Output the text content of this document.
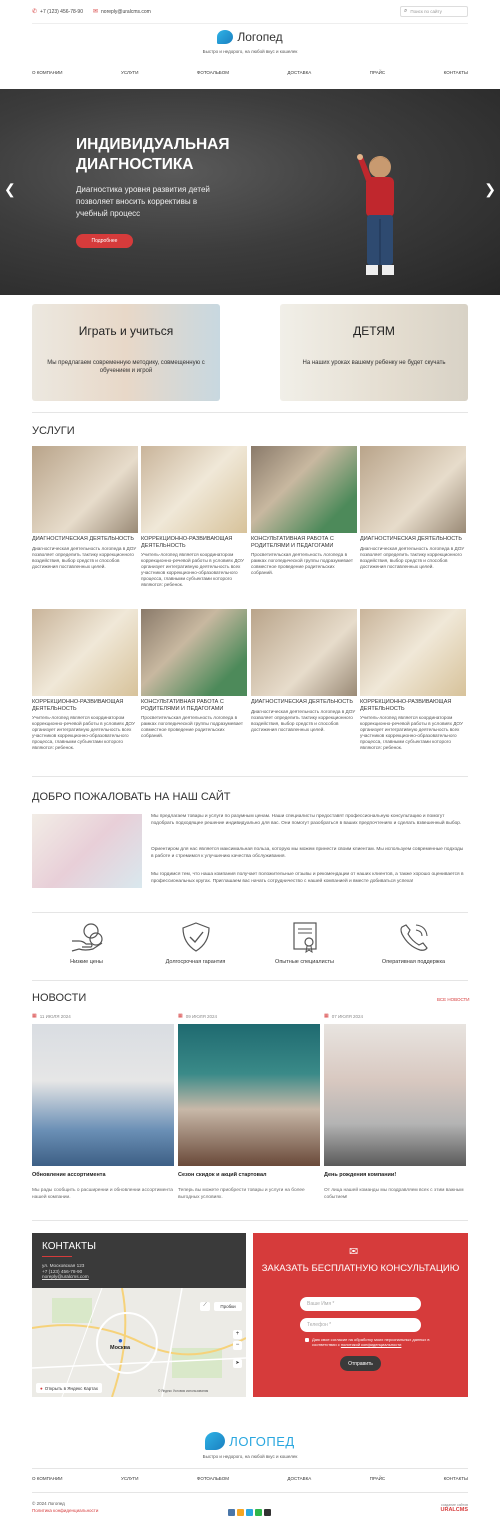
✆ +7 (123) 456-78-90 ✉ noreply@uralcms.com	⌕ Поиск по сайту
Логопед
Быстро и недорого, на любой вкус и кошелек
О КОМПАНИИ	УСЛУГИ	ФОТОАЛЬБОМ	ДОСТАВКА	ПРАЙС	КОНТАКТЫ
ИНДИВИДУАЛЬНАЯ ДИАГНОСТИКА
Диагностика уровня развития детей позволяет вносить коррективы в учебный процесс
Подробнее
❮	❯
Играть и учиться
Мы предлагаем современную методику, совмещенную с обучением и игрой
ДЕТЯМ
На наших уроках вашему ребенку не будет скучать
УСЛУГИ
ДИАГНОСТИЧЕСКАЯ ДЕЯТЕЛЬНОСТЬ
Диагностическая деятельность логопеда в ДОУ позволяет определить тактику коррекционного воздействия, выбор средств и способов достижения поставленных целей.
КОРРЕКЦИОННО-РАЗВИВАЮЩАЯ ДЕЯТЕЛЬНОСТЬ
Учитель-логопед является координатором коррекционно-речевой работы в условиях ДОУ организует интегративную деятельность всех участников коррекционно-образовательного процесса, главными субъектами которого являются: ребенок.
КОНСУЛЬТАТИВНАЯ РАБОТА С РОДИТЕЛЯМИ И ПЕДАГОГАМИ
Просветительская деятельность логопеда в рамках логопедической группы подразумевает совместное проведение родительских собраний.
ДИАГНОСТИЧЕСКАЯ ДЕЯТЕЛЬНОСТЬ
Диагностическая деятельность логопеда в ДОУ позволяет определить тактику коррекционного воздействия, выбор средств и способов достижения поставленных целей.
КОРРЕКЦИОННО-РАЗВИВАЮЩАЯ ДЕЯТЕЛЬНОСТЬ
Учитель-логопед является координатором коррекционно-речевой работы в условиях ДОУ организует интегративную деятельность всех участников коррекционно-образовательного процесса, главными субъектами которого являются: ребенок.
КОНСУЛЬТАТИВНАЯ РАБОТА С РОДИТЕЛЯМИ И ПЕДАГОГАМИ
Просветительская деятельность логопеда в рамках логопедической группы подразумевает совместное проведение родительских собраний.
ДИАГНОСТИЧЕСКАЯ ДЕЯТЕЛЬНОСТЬ
Диагностическая деятельность логопеда в ДОУ позволяет определить тактику коррекционного воздействия, выбор средств и способов достижения поставленных целей.
КОРРЕКЦИОННО-РАЗВИВАЮЩАЯ ДЕЯТЕЛЬНОСТЬ
Учитель-логопед является координатором коррекционно-речевой работы в условиях ДОУ организует интегративную деятельность всех участников коррекционно-образовательного процесса, главными субъектами которого являются: ребенок.
ДОБРО ПОЖАЛОВАТЬ НА НАШ САЙТ
Мы предлагаем товары и услуги по разумным ценам. Наши специалисты предоставят профессиональную консультацию и помогут подобрать подходящее решение индивидуально для вас. Они помогут разобраться в ваших предпочтениях и сделать взвешенный выбор.
Ориентиром для нас является максимальная польза, которую мы можем принести своим клиентам. Мы используем современные подходы в работе и стремимся к улучшению качества обслуживания.
Мы гордимся тем, что наша компания получает положительные отзывы и рекомендации от наших клиентов, а также хорошо оценивается в профессиональных кругах. Приглашаем вас начать сотрудничество с нашей компанией и вместе добиваться успеха!
Низкие цены	Долгосрочная гарантия	Опытные специалисты	Оперативная поддержка
НОВОСТИ	ВСЕ НОВОСТИ
▦ 11 ИЮЛЯ 2024
Обновление ассортимента
Мы рады сообщить о расширении и обновлении ассортимента нашей компании.
▦ 09 ИЮЛЯ 2024
Сезон скидок и акций стартовал
Теперь вы можете приобрести товары и услуги на более выгодных условиях.
▦ 07 ИЮЛЯ 2024
День рождения компании!
От лица нашей команды мы поздравляем всех с этим важным событием!
КОНТАКТЫ
ул. Московская 123
+7 (123) 456-78-90
noreply@uralcms.com
●
Москва
Пробки
⟋
+
−
➤
● Открыть в Яндекс Картах
© Яндекс Условия использования
✉
ЗАКАЗАТЬ БЕСПЛАТНУЮ КОНСУЛЬТАЦИЮ
Ваше Имя *
Телефон *
Даю свое согласие на обработку моих персональных данных в соответствии с политикой конфиденциальности
Отправить
ЛОГОПЕД
Быстро и недорого, на любой вкус и кошелек
О КОМПАНИИ	УСЛУГИ	ФОТОАЛЬБОМ	ДОСТАВКА	ПРАЙС	КОНТАКТЫ
© 2024 Логопед
Политика конфиденциальности
создание сайтов
URALCMS
